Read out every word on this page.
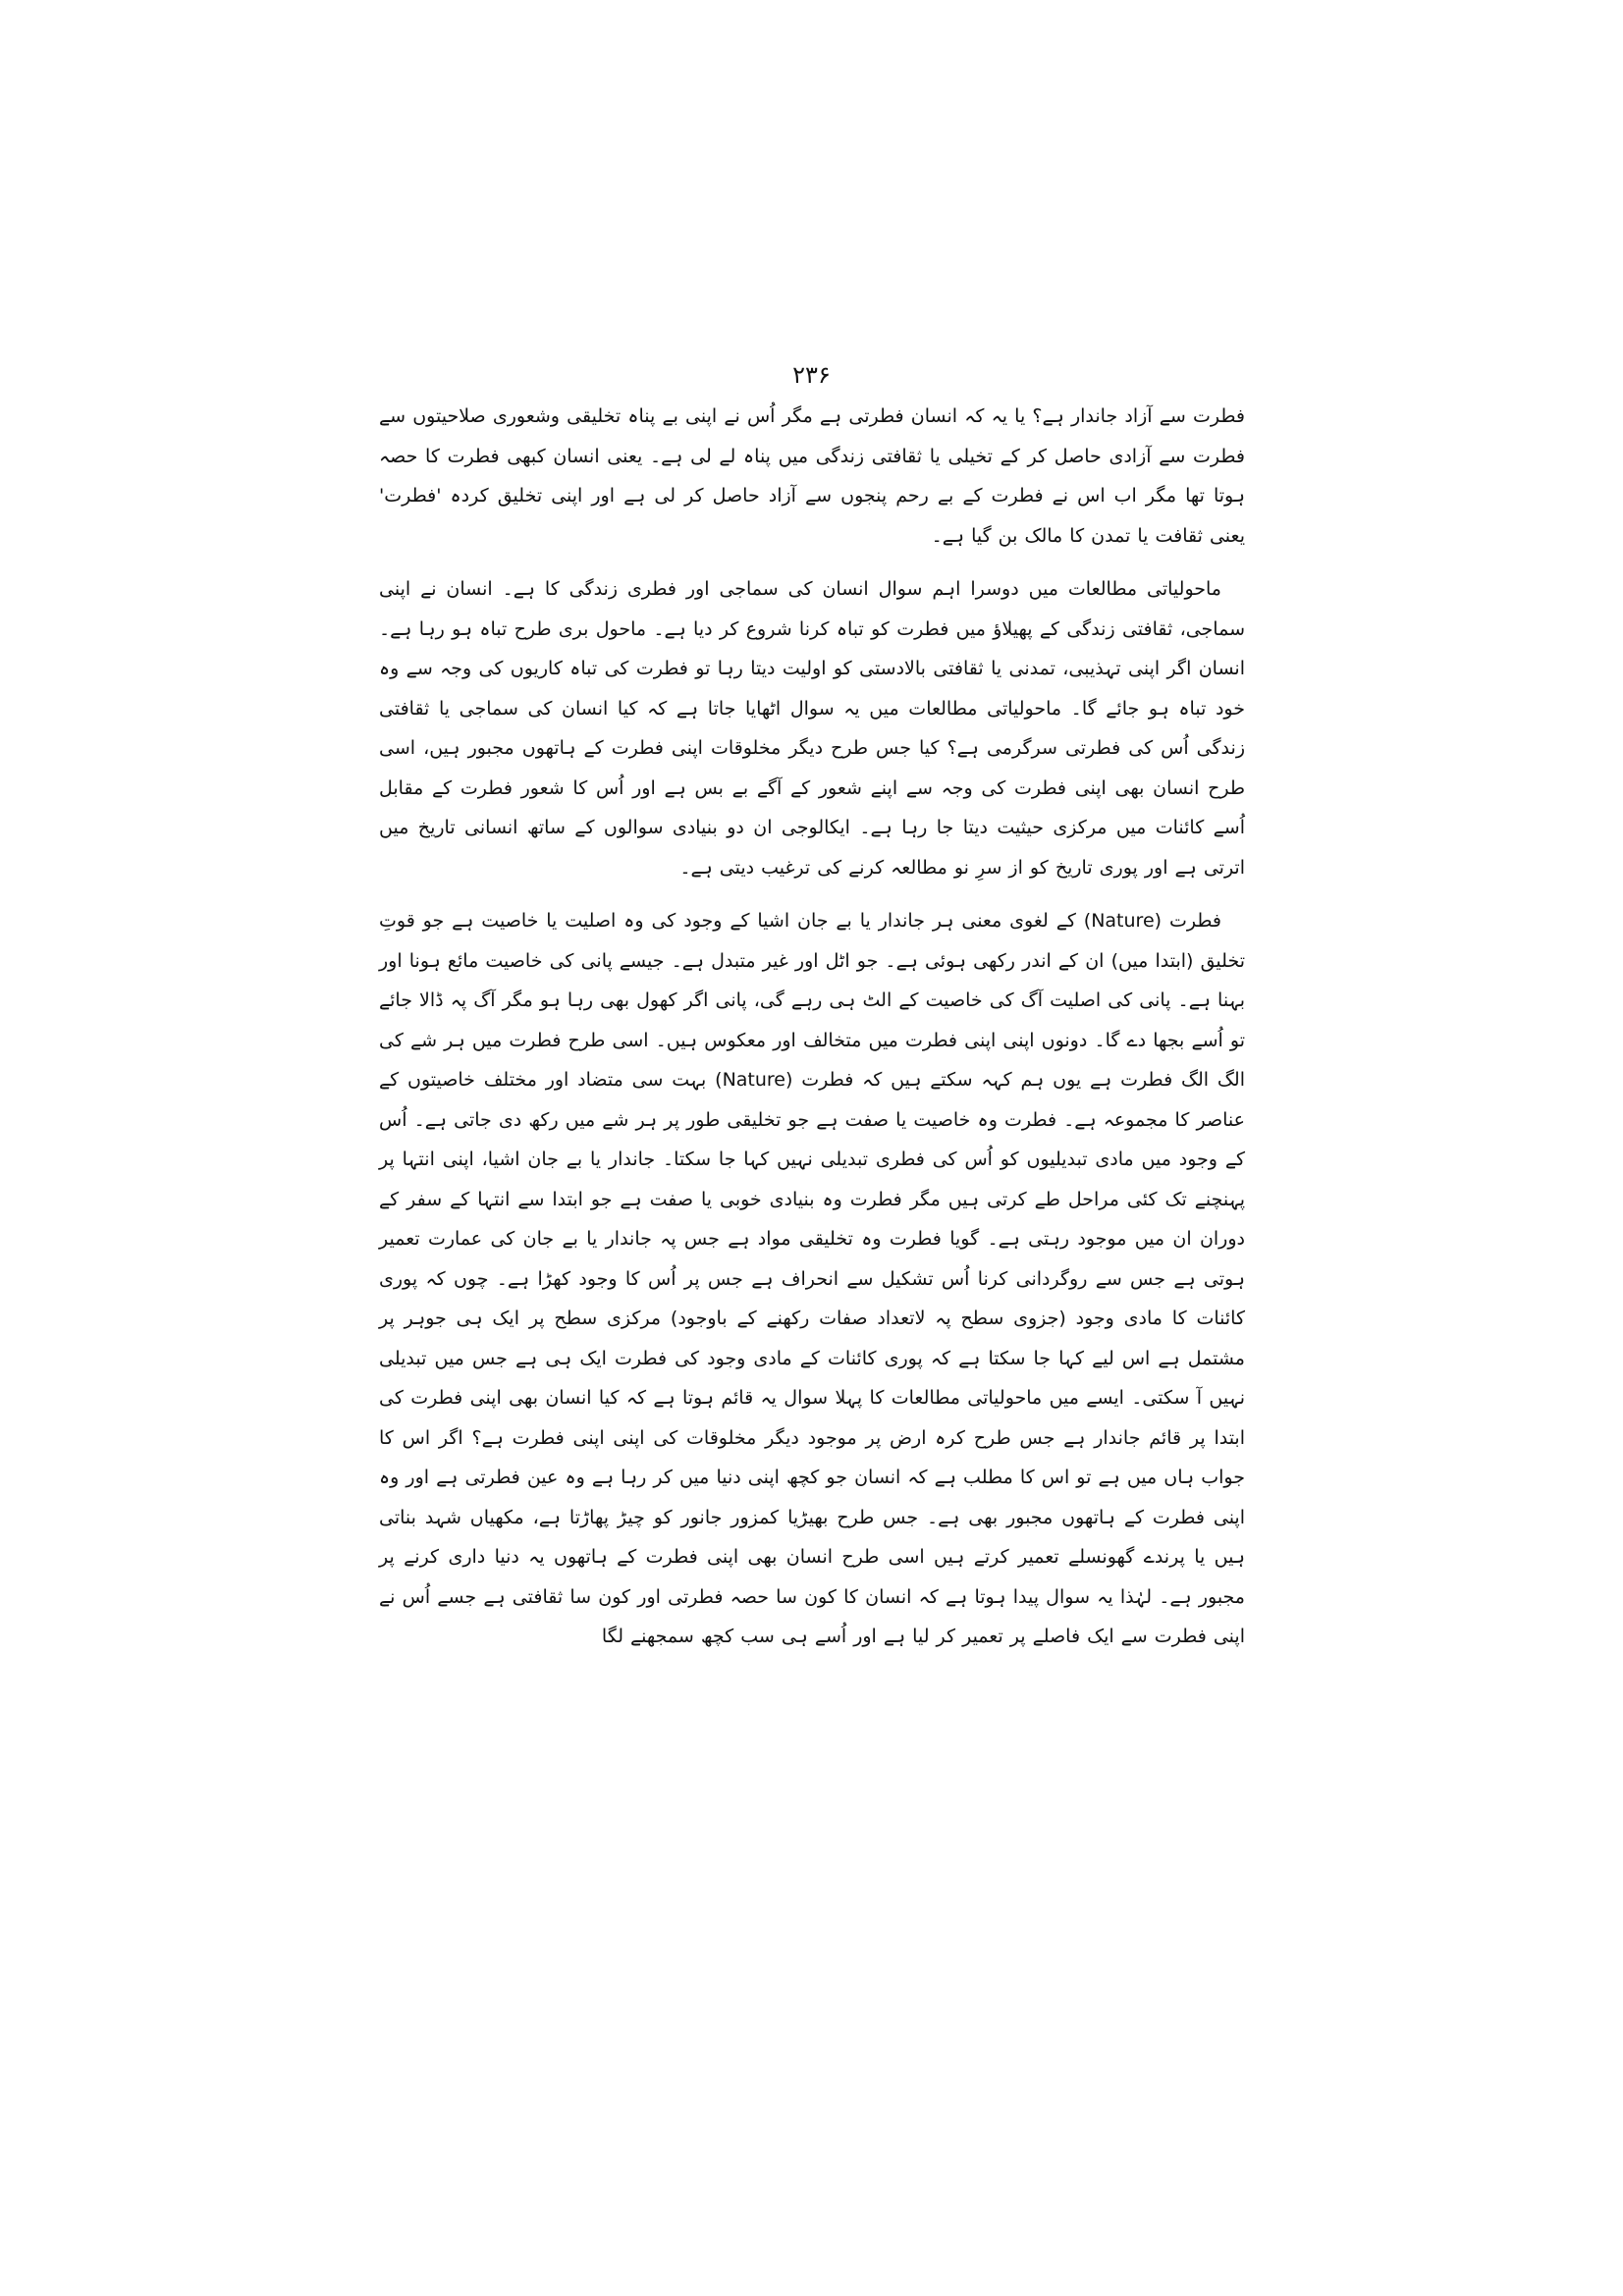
۲۳۶

فطرت سے آزاد جاندار ہے؟ یا یہ کہ انسان فطرتی ہے مگر اُس نے اپنی بے پناہ تخلیقی وشعوری صلاحیتوں سے فطرت سے آزادی حاصل کر کے تخیلی یا ثقافتی زندگی میں پناہ لے لی ہے۔ یعنی انسان کبھی فطرت کا حصہ ہوتا تھا مگر اب اس نے فطرت کے بے رحم پنجوں سے آزاد حاصل کر لی ہے اور اپنی تخلیق کردہ 'فطرت' یعنی ثقافت یا تمدن کا مالک بن گیا ہے۔

ماحولیاتی مطالعات میں دوسرا اہم سوال انسان کی سماجی اور فطری زندگی کا ہے۔ انسان نے اپنی سماجی، ثقافتی زندگی کے پھیلاؤ میں فطرت کو تباہ کرنا شروع کر دیا ہے۔ ماحول بری طرح تباہ ہو رہا ہے۔ انسان اگر اپنی تہذیبی، تمدنی یا ثقافتی بالادستی کو اولیت دیتا رہا تو فطرت کی تباہ کاریوں کی وجہ سے وہ خود تباہ ہو جائے گا۔ ماحولیاتی مطالعات میں یہ سوال اٹھایا جاتا ہے کہ کیا انسان کی سماجی یا ثقافتی زندگی اُس کی فطرتی سرگرمی ہے؟ کیا جس طرح دیگر مخلوقات اپنی فطرت کے ہاتھوں مجبور ہیں، اسی طرح انسان بھی اپنی فطرت کی وجہ سے اپنے شعور کے آگے بے بس ہے اور اُس کا شعور فطرت کے مقابل اُسے کائنات میں مرکزی حیثیت دیتا جا رہا ہے۔ ایکالوجی ان دو بنیادی سوالوں کے ساتھ انسانی تاریخ میں اترتی ہے اور پوری تاریخ کو از سرِ نو مطالعہ کرنے کی ترغیب دیتی ہے۔

فطرت (Nature) کے لغوی معنی ہر جاندار یا بے جان اشیا کے وجود کی وہ اصلیت یا خاصیت ہے جو قوتِ تخلیق (ابتدا میں) ان کے اندر رکھی ہوئی ہے۔ جو اٹل اور غیر متبدل ہے۔ جیسے پانی کی خاصیت مائع ہونا اور بہنا ہے۔ پانی کی اصلیت آگ کی خاصیت کے الٹ ہی رہے گی، پانی اگر کھول بھی رہا ہو مگر آگ پہ ڈالا جائے تو اُسے بجھا دے گا۔ دونوں اپنی اپنی فطرت میں متخالف اور معکوس ہیں۔ اسی طرح فطرت میں ہر شے کی الگ الگ فطرت ہے یوں ہم کہہ سکتے ہیں کہ فطرت (Nature) بہت سی متضاد اور مختلف خاصیتوں کے عناصر کا مجموعہ ہے۔ فطرت وہ خاصیت یا صفت ہے جو تخلیقی طور پر ہر شے میں رکھ دی جاتی ہے۔ اُس کے وجود میں مادی تبدیلیوں کو اُس کی فطری تبدیلی نہیں کہا جا سکتا۔ جاندار یا بے جان اشیا، اپنی انتہا پر پہنچنے تک کئی مراحل طے کرتی ہیں مگر فطرت وہ بنیادی خوبی یا صفت ہے جو ابتدا سے انتہا کے سفر کے دوران ان میں موجود رہتی ہے۔ گویا فطرت وہ تخلیقی مواد ہے جس پہ جاندار یا بے جان کی عمارت تعمیر ہوتی ہے جس سے روگردانی کرنا اُس تشکیل سے انحراف ہے جس پر اُس کا وجود کھڑا ہے۔ چوں کہ پوری کائنات کا مادی وجود (جزوی سطح پہ لاتعداد صفات رکھنے کے باوجود) مرکزی سطح پر ایک ہی جوہر پر مشتمل ہے اس لیے کہا جا سکتا ہے کہ پوری کائنات کے مادی وجود کی فطرت ایک ہی ہے جس میں تبدیلی نہیں آ سکتی۔ ایسے میں ماحولیاتی مطالعات کا پہلا سوال یہ قائم ہوتا ہے کہ کیا انسان بھی اپنی فطرت کی ابتدا پر قائم جاندار ہے جس طرح کرہ ارض پر موجود دیگر مخلوقات کی اپنی اپنی فطرت ہے؟ اگر اس کا جواب ہاں میں ہے تو اس کا مطلب ہے کہ انسان جو کچھ اپنی دنیا میں کر رہا ہے وہ عین فطرتی ہے اور وہ اپنی فطرت کے ہاتھوں مجبور بھی ہے۔ جس طرح بھیڑیا کمزور جانور کو چیڑ پھاڑتا ہے، مکھیاں شہد بناتی ہیں یا پرندے گھونسلے تعمیر کرتے ہیں اسی طرح انسان بھی اپنی فطرت کے ہاتھوں یہ دنیا داری کرنے پر مجبور ہے۔ لہٰذا یہ سوال پیدا ہوتا ہے کہ انسان کا کون سا حصہ فطرتی اور کون سا ثقافتی ہے جسے اُس نے اپنی فطرت سے ایک فاصلے پر تعمیر کر لیا ہے اور اُسے ہی سب کچھ سمجھنے لگا
